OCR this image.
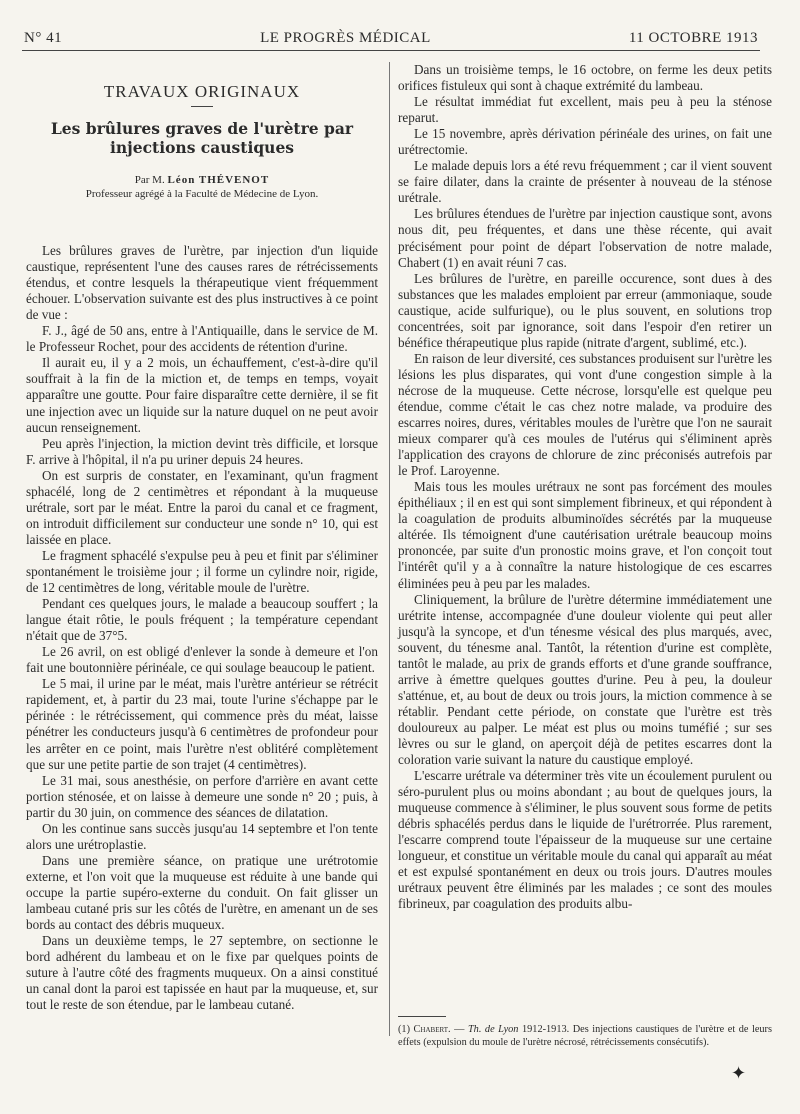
N° 41	LE PROGRÈS MÉDICAL	11 OCTOBRE 1913
TRAVAUX ORIGINAUX
Les brûlures graves de l'urètre par injections caustiques
Par M. Léon THÉVENOT
Professeur agrégé à la Faculté de Médecine de Lyon.

Les brûlures graves de l'urètre, par injection d'un liquide caustique, représentent l'une des causes rares de rétrécissements étendus, et contre lesquels la thérapeutique vient fréquemment échouer. L'observation suivante est des plus instructives à ce point de vue :

F. J., âgé de 50 ans, entre à l'Antiquaille, dans le service de M. le Professeur Rochet, pour des accidents de rétention d'urine.

Il aurait eu, il y a 2 mois, un échauffement, c'est-à-dire qu'il souffrait à la fin de la miction et, de temps en temps, voyait apparaître une goutte. Pour faire disparaître cette dernière, il se fit une injection avec un liquide sur la nature duquel on ne peut avoir aucun renseignement.

Peu après l'injection, la miction devint très difficile, et lorsque F. arrive à l'hôpital, il n'a pu uriner depuis 24 heures.

On est surpris de constater, en l'examinant, qu'un fragment sphacélé, long de 2 centimètres et répondant à la muqueuse urétrale, sort par le méat. Entre la paroi du canal et ce fragment, on introduit difficilement sur conducteur une sonde n° 10, qui est laissée en place.

Le fragment sphacélé s'expulse peu à peu et finit par s'éliminer spontanément le troisième jour ; il forme un cylindre noir, rigide, de 12 centimètres de long, véritable moule de l'urètre.

Pendant ces quelques jours, le malade a beaucoup souffert ; la langue était rôtie, le pouls fréquent ; la température cependant n'était que de 37°5.

Le 26 avril, on est obligé d'enlever la sonde à demeure et l'on fait une boutonnière périnéale, ce qui soulage beaucoup le patient.

Le 5 mai, il urine par le méat, mais l'urètre antérieur se rétrécit rapidement, et, à partir du 23 mai, toute l'urine s'échappe par le périnée : le rétrécissement, qui commence près du méat, laisse pénétrer les conducteurs jusqu'à 6 centimètres de profondeur pour les arrêter en ce point, mais l'urètre n'est oblitéré complètement que sur une petite partie de son trajet (4 centimètres).

Le 31 mai, sous anesthésie, on perfore d'arrière en avant cette portion sténosée, et on laisse à demeure une sonde n° 20 ; puis, à partir du 30 juin, on commence des séances de dilatation.

On les continue sans succès jusqu'au 14 septembre et l'on tente alors une urétroplastie.

Dans une première séance, on pratique une urétrotomie externe, et l'on voit que la muqueuse est réduite à une bande qui occupe la partie supéro-externe du conduit. On fait glisser un lambeau cutané pris sur les côtés de l'urètre, en amenant un de ses bords au contact des débris muqueux.

Dans un deuxième temps, le 27 septembre, on sectionne le bord adhérent du lambeau et on le fixe par quelques points de suture à l'autre côté des fragments muqueux. On a ainsi constitué un canal dont la paroi est tapissée en haut par la muqueuse, et, sur tout le reste de son étendue, par le lambeau cutané.

Dans un troisième temps, le 16 octobre, on ferme les deux petits orifices fistuleux qui sont à chaque extrémité du lambeau.

Le résultat immédiat fut excellent, mais peu à peu la sténose reparut.

Le 15 novembre, après dérivation périnéale des urines, on fait une urétrectomie.

Le malade depuis lors a été revu fréquemment ; car il vient souvent se faire dilater, dans la crainte de présenter à nouveau de la sténose urétrale.

Les brûlures étendues de l'urètre par injection caustique sont, avons nous dit, peu fréquentes, et dans une thèse récente, qui avait précisément pour point de départ l'observation de notre malade, Chabert (1) en avait réuni 7 cas.

Les brûlures de l'urètre, en pareille occurence, sont dues à des substances que les malades emploient par erreur (ammoniaque, soude caustique, acide sulfurique), ou le plus souvent, en solutions trop concentrées, soit par ignorance, soit dans l'espoir d'en retirer un bénéfice thérapeutique plus rapide (nitrate d'argent, sublimé, etc.).

En raison de leur diversité, ces substances produisent sur l'urètre les lésions les plus disparates, qui vont d'une congestion simple à la nécrose de la muqueuse. Cette nécrose, lorsqu'elle est quelque peu étendue, comme c'était le cas chez notre malade, va produire des escarres noires, dures, véritables moules de l'urètre que l'on ne saurait mieux comparer qu'à ces moules de l'utérus qui s'éliminent après l'application des crayons de chlorure de zinc préconisés autrefois par le Prof. Laroyenne.

Mais tous les moules urétraux ne sont pas forcément des moules épithéliaux ; il en est qui sont simplement fibrineux, et qui répondent à la coagulation de produits albuminoïdes sécrétés par la muqueuse altérée. Ils témoignent d'une cautérisation urétrale beaucoup moins prononcée, par suite d'un pronostic moins grave, et l'on conçoit tout l'intérêt qu'il y a à connaître la nature histologique de ces escarres éliminées peu à peu par les malades.

Cliniquement, la brûlure de l'urètre détermine immédiatement une urétrite intense, accompagnée d'une douleur violente qui peut aller jusqu'à la syncope, et d'un ténesme vésical des plus marqués, avec, souvent, du ténesme anal. Tantôt, la rétention d'urine est complète, tantôt le malade, au prix de grands efforts et d'une grande souffrance, arrive à émettre quelques gouttes d'urine. Peu à peu, la douleur s'atténue, et, au bout de deux ou trois jours, la miction commence à se rétablir. Pendant cette période, on constate que l'urètre est très douloureux au palper. Le méat est plus ou moins tuméfié ; sur ses lèvres ou sur le gland, on aperçoit déjà de petites escarres dont la coloration varie suivant la nature du caustique employé.

L'escarre urétrale va déterminer très vite un écoulement purulent ou séro-purulent plus ou moins abondant ; au bout de quelques jours, la muqueuse commence à s'éliminer, le plus souvent sous forme de petits débris sphacélés perdus dans le liquide de l'urétrorrée. Plus rarement, l'escarre comprend toute l'épaisseur de la muqueuse sur une certaine longueur, et constitue un véritable moule du canal qui apparaît au méat et est expulsé spontanément en deux ou trois jours. D'autres moules urétraux peuvent être éliminés par les malades ; ce sont des moules fibrineux, par coagulation des produits albu-

(1) Chabert. — Th. de Lyon 1912-1913. Des injections caustiques de l'urètre et de leurs effets (expulsion du moule de l'urètre nécrosé, rétrécissements consécutifs).
✦
